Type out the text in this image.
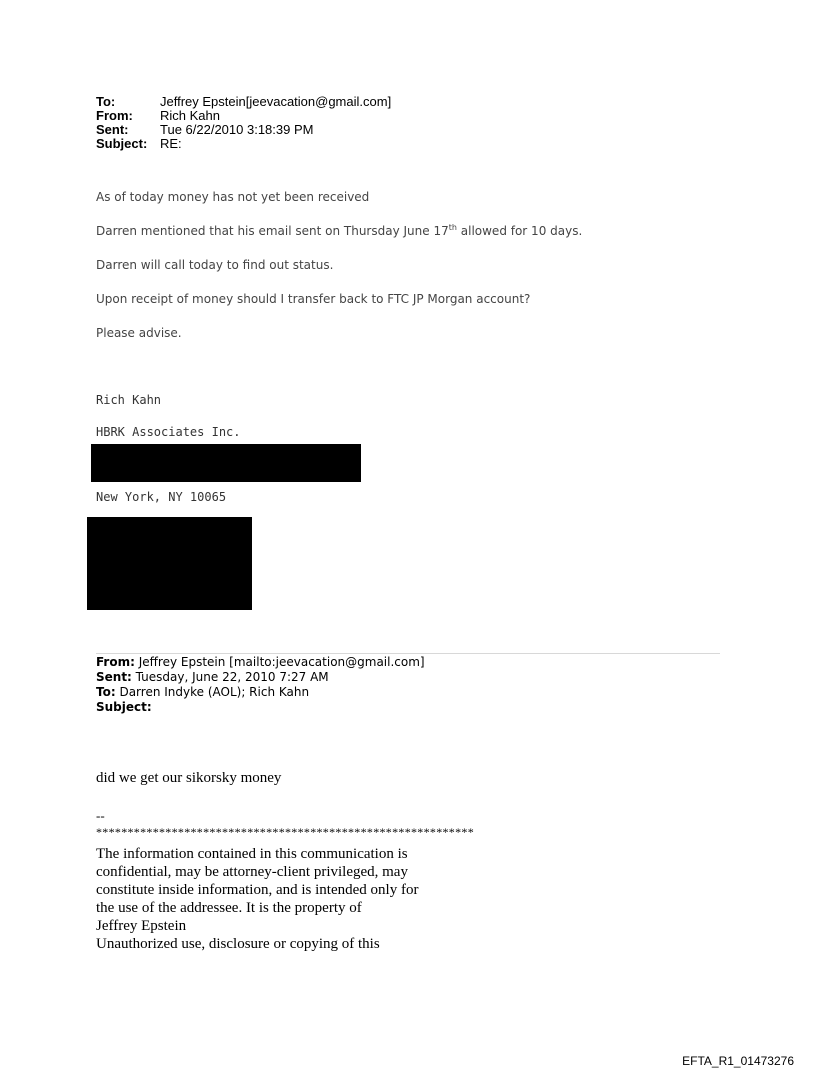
To:	Jeffrey Epstein[jeevacation@gmail.com]
From:	Rich Kahn
Sent:	Tue 6/22/2010 3:18:39 PM
Subject: RE:
As of today money has not yet been received
Darren mentioned that his email sent on Thursday June 17th allowed for 10 days.
Darren will call today to find out status.
Upon receipt of money should I transfer back to FTC JP Morgan account?
Please advise.
Rich Kahn
HBRK Associates Inc.
New York, NY 10065
From: Jeffrey Epstein [mailto:jeevacation@gmail.com]
Sent: Tuesday, June 22, 2010 7:27 AM
To: Darren Indyke (AOL); Rich Kahn
Subject:
did we get our sikorsky money
--
************************************************************
The information contained in this communication is
confidential, may be attorney-client privileged, may
constitute inside information, and is intended only for
the use of the addressee. It is the property of
Jeffrey Epstein
Unauthorized use, disclosure or copying of this
EFTA_R1_01473276
